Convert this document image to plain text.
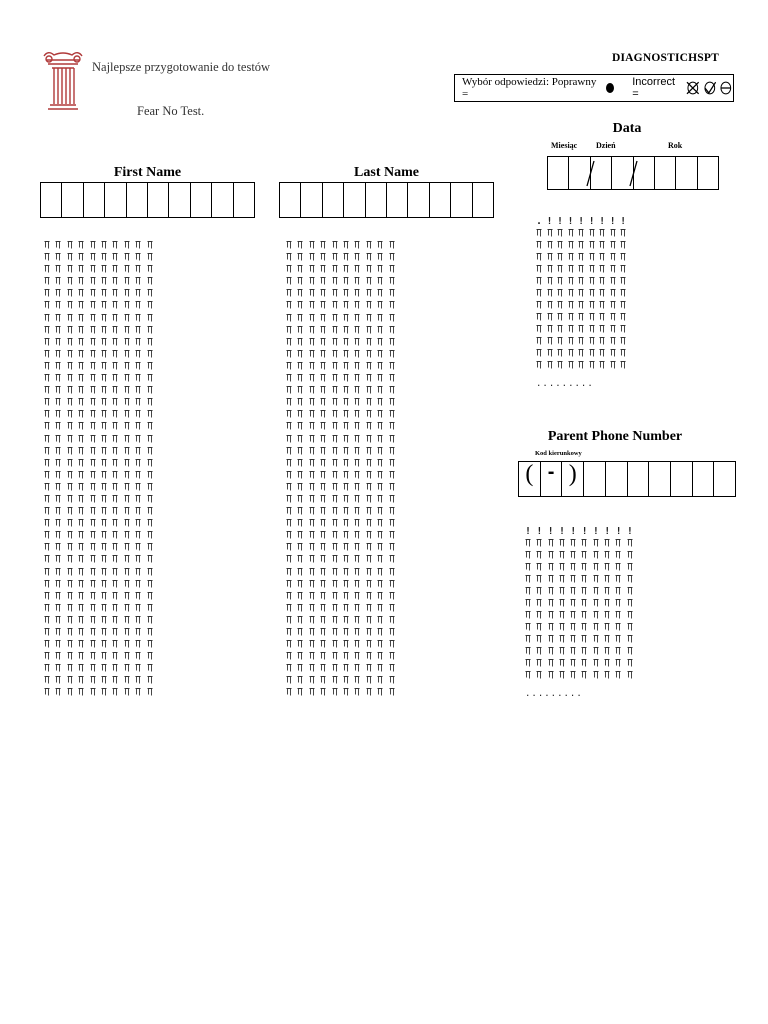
Najlepsze przygotowanie do testów
Fear No Test.
DIAGNOSTICHSPT
Wybór odpowiedzi: Poprawny =
Incorrect =
First Name	Last Name
Data
Miesiąc Dzień	Rok
.!!!!!!!!
.........
Parent Phone Number
Kod kierunkowy
( - )
!!!!!!!!!!
.........
